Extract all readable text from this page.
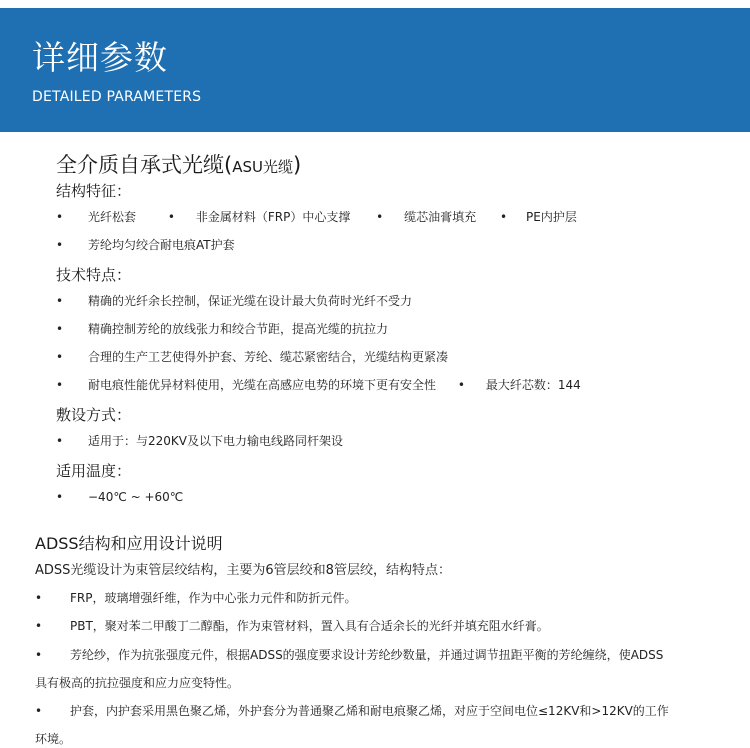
详细参数
DETAILED PARAMETERS
全介质自承式光缆(ASU光缆)
结构特征：
• 光纤松套	• 非金属材料（FRP）中心支撑 • 缆芯油膏填充 • PE内护层
• 芳纶均匀绞合耐电痕AT护套
技术特点：
• 精确的光纤余长控制，保证光缆在设计最大负荷时光纤不受力
• 精确控制芳纶的放线张力和绞合节距，提高光缆的抗拉力
• 合理的生产工艺使得外护套、芳纶、缆芯紧密结合，光缆结构更紧凑
• 耐电痕性能优异材料使用，光缆在高感应电势的环境下更有安全性 • 最大纤芯数：144
敷设方式：
• 适用于：与220KV及以下电力输电线路同杆架设
适用温度：
• −40℃ ~ +60℃
ADSS结构和应用设计说明
ADSS光缆设计为束管层绞结构，主要为6管层绞和8管层绞，结构特点：
• FRP，玻璃增强纤维，作为中心张力元件和防折元件。
• PBT，聚对苯二甲酸丁二醇酯，作为束管材料，置入具有合适余长的光纤并填充阻水纤膏。
• 芳纶纱，作为抗张强度元件，根据ADSS的强度要求设计芳纶纱数量，并通过调节扭距平衡的芳纶缠绕，使ADSS
具有极高的抗拉强度和应力应变特性。
• 护套，内护套采用黑色聚乙烯，外护套分为普通聚乙烯和耐电痕聚乙烯，对应于空间电位≤12KV和>12KV的工作
环境。
